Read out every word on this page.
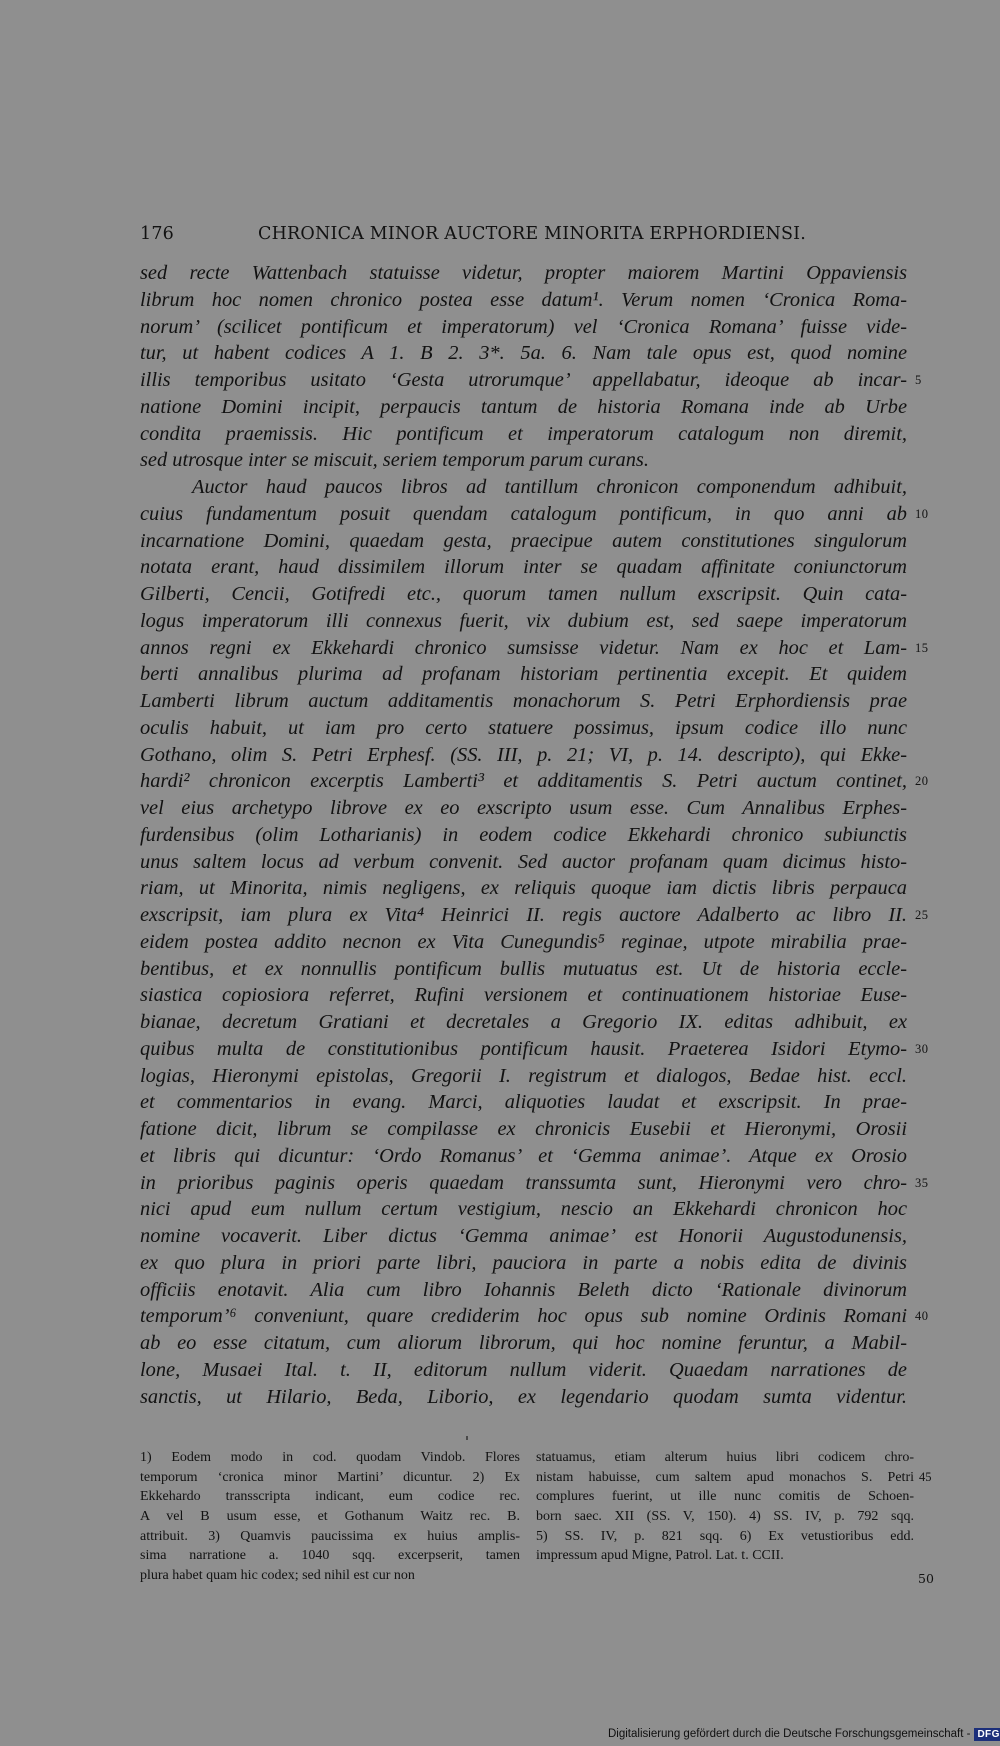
176	CHRONICA MINOR AUCTORE MINORITA ERPHORDIENSI.
sed recte Wattenbach statuisse videtur, propter maiorem Martini Oppaviensis
librum hoc nomen chronico postea esse datum¹. Verum nomen ‘Cronica Roma-
norum’ (scilicet pontificum et imperatorum) vel ‘Cronica Romana’ fuisse vide-
tur, ut habent codices A 1. B 2. 3*. 5a. 6. Nam tale opus est, quod nomine
illis temporibus usitato ‘Gesta utrorumque’ appellabatur, ideoque ab incar- 5
natione Domini incipit, perpaucis tantum de historia Romana inde ab Urbe
condita praemissis. Hic pontificum et imperatorum catalogum non diremit,
sed utrosque inter se miscuit, seriem temporum parum curans.
Auctor haud paucos libros ad tantillum chronicon componendum adhibuit,
cuius fundamentum posuit quendam catalogum pontificum, in quo anni ab 10
incarnatione Domini, quaedam gesta, praecipue autem constitutiones singulorum
notata erant, haud dissimilem illorum inter se quadam affinitate coniunctorum
Gilberti, Cencii, Gotifredi etc., quorum tamen nullum exscripsit. Quin cata-
logus imperatorum illi connexus fuerit, vix dubium est, sed saepe imperatorum
annos regni ex Ekkehardi chronico sumsisse videtur. Nam ex hoc et Lam- 15
berti annalibus plurima ad profanam historiam pertinentia excepit. Et quidem
Lamberti librum auctum additamentis monachorum S. Petri Erphordiensis prae
oculis habuit, ut iam pro certo statuere possimus, ipsum codice illo nunc
Gothano, olim S. Petri Erphesf. (SS. III, p. 21; VI, p. 14. descripto), qui Ekke-
hardi² chronicon excerptis Lamberti³ et additamentis S. Petri auctum continet, 20
vel eius archetypo librove ex eo exscripto usum esse. Cum Annalibus Erphes-
furdensibus (olim Lotharianis) in eodem codice Ekkehardi chronico subiunctis
unus saltem locus ad verbum convenit. Sed auctor profanam quam dicimus histo-
riam, ut Minorita, nimis negligens, ex reliquis quoque iam dictis libris perpauca
exscripsit, iam plura ex Vita⁴ Heinrici II. regis auctore Adalberto ac libro II. 25
eidem postea addito necnon ex Vita Cunegundis⁵ reginae, utpote mirabilia prae-
bentibus, et ex nonnullis pontificum bullis mutuatus est. Ut de historia eccle-
siastica copiosiora referret, Rufini versionem et continuationem historiae Euse-
bianae, decretum Gratiani et decretales a Gregorio IX. editas adhibuit, ex
quibus multa de constitutionibus pontificum hausit. Praeterea Isidori Etymo- 30
logias, Hieronymi epistolas, Gregorii I. registrum et dialogos, Bedae hist. eccl.
et commentarios in evang. Marci, aliquoties laudat et exscripsit. In prae-
fatione dicit, librum se compilasse ex chronicis Eusebii et Hieronymi, Orosii
et libris qui dicuntur: ‘Ordo Romanus’ et ‘Gemma animae’. Atque ex Orosio
in prioribus paginis operis quaedam transsumta sunt, Hieronymi vero chro- 35
nici apud eum nullum certum vestigium, nescio an Ekkehardi chronicon hoc
nomine vocaverit. Liber dictus ‘Gemma animae’ est Honorii Augustodunensis,
ex quo plura in priori parte libri, pauciora in parte a nobis edita de divinis
officiis enotavit. Alia cum libro Iohannis Beleth dicto ‘Rationale divinorum
temporum’⁶ conveniunt, quare crediderim hoc opus sub nomine Ordinis Romani 40
ab eo esse citatum, cum aliorum librorum, qui hoc nomine feruntur, a Mabil-
lone, Musaei Ital. t. II, editorum nullum viderit. Quaedam narrationes de
sanctis, ut Hilario, Beda, Liborio, ex legendario quodam sumta videntur.
1) Eodem modo in cod. quodam Vindob. Flores
temporum ‘cronica minor Martini’ dicuntur. 2) Ex
Ekkehardo transscripta indicant, eum codice rec.
A vel B usum esse, et Gothanum Waitz rec. B.
attribuit. 3) Quamvis paucissima ex huius amplis-
sima narratione a. 1040 sqq. excerpserit, tamen
plura habet quam hic codex; sed nihil est cur non
statuamus, etiam alterum huius libri codicem chro-
nistam habuisse, cum saltem apud monachos S. Petri 45
complures fuerint, ut ille nunc comitis de Schoen-
born saec. XII (SS. V, 150). 4) SS. IV, p. 792 sqq.
5) SS. IV, p. 821 sqq. 6) Ex vetustioribus edd.
impressum apud Migne, Patrol. Lat. t. CCII.
50
Digitalisierung gefördert durch die Deutsche Forschungsgemeinschaft - DFG
